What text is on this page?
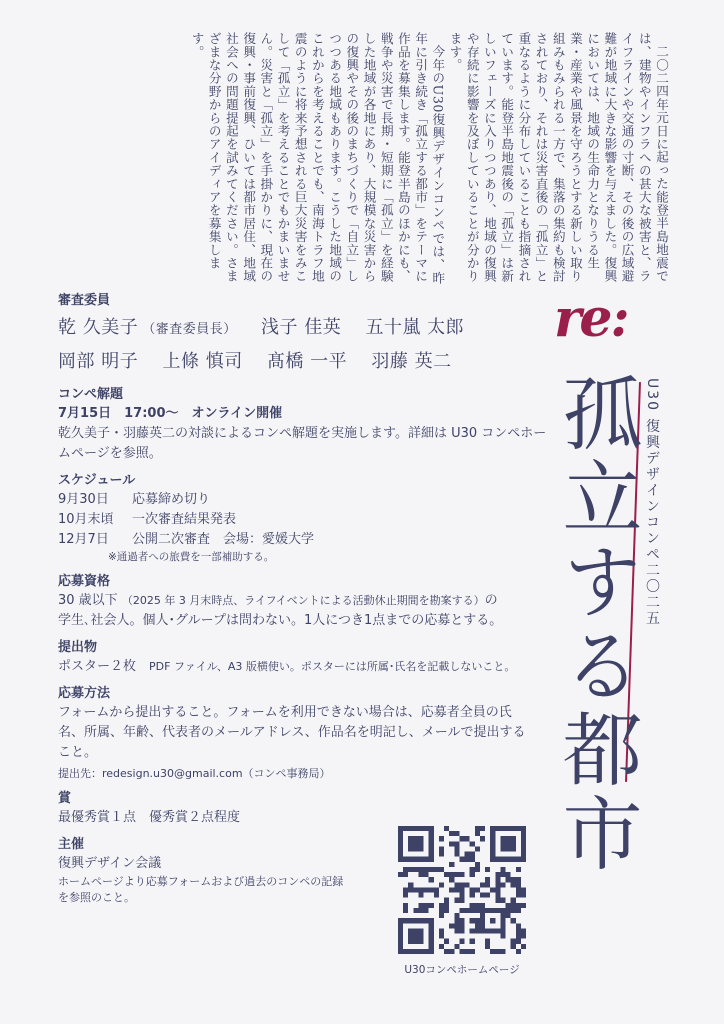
二〇二四年元日に起った能登半島地震では、建物やインフラへの甚大な被害と、ライフラインや交通の寸断、その後の広域避難が地域に大きな影響を与えました。復興においては、地域の生命力となりうる生業・産業や風景を守ろうとする新しい取り組みもみられる一方で、集落の集約も検討されており、それは災害直後の「孤立」と重なるように分布していることも指摘されています。能登半島地震後の「孤立」は新しいフェーズに入りつつあり、地域の復興や存続に影響を及ぼしていることが分かります。

今年のU30復興デザインコンペでは、昨年に引き続き「孤立する都市」をテーマに作品を募集します。能登半島のほかにも、戦争や災害で長期・短期に「孤立」を経験した地域が各地にあり、大規模な災害からの復興やその後のまちづくりで「自立」しつつある地域もあります。こうした地域のこれからを考えることでも、南海トラフ地震のように将来予想される巨大災害をみこして「孤立」を考えることでもかまいません。災害と「孤立」を手掛かりに、現在の復興・事前復興、ひいては都市居住、地域社会への問題提起を試みてください。さまざまな分野からのアイディアを募集します。

審査委員

乾 久美子 （審査委員長） 浅子 佳英 五十嵐 太郎
岡部 明子 上條 慎司 髙橋 一平 羽藤 英二

コンペ解題

7月15日　17:00～　オンライン開催
乾久美子・羽藤英二の対談によるコンペ解題を実施します。詳細は U30 コンペホームページを参照。

スケジュール

9月30日	応募締め切り
10月末頃	一次審査結果発表
12月7日	公開二次審査　会場：愛媛大学
※通過者への旅費を一部補助する。

応募資格

30 歳以下 （2025 年 3 月末時点、ライフイベントによる活動休止期間を勘案する）の
学生､社会人。個人･グループは問わない。1人につき1点までの応募とする。

提出物

ポスター２枚　 PDF ファイル、A3 版横使い。ポスターには所属･氏名を記載しないこと。

応募方法

フォームから提出すること。フォームを利用できない場合は、応募者全員の氏名、所属、年齢、代表者のメールアドレス、作品名を明記し、メールで提出すること。
提出先：redesign.u30@gmail.com（コンペ事務局）

賞

最優秀賞１点　優秀賞２点程度

主催

復興デザイン会議
ホームページより応募フォームおよび過去のコンペの記録を参照のこと。
re:
孤立する都市 U30 復興デザインコンペ二〇二五
U30コンペホームページ
